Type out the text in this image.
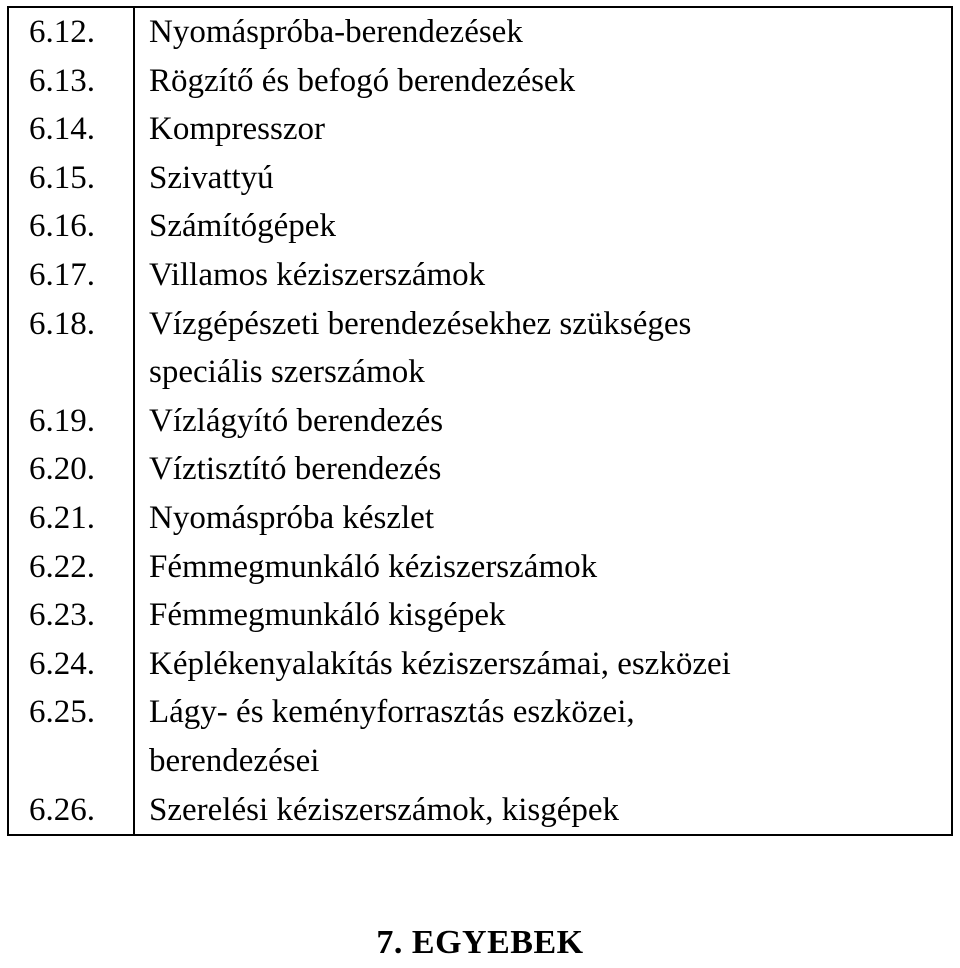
6.12.	Nyomáspróba-berendezések
6.13.	Rögzítő és befogó berendezések
6.14.	Kompresszor
6.15.	Szivattyú
6.16.	Számítógépek
6.17.	Villamos kéziszerszámok
6.18.	Vízgépészeti berendezésekhez szükséges
speciális szerszámok

6.19.	Vízlágyító berendezés
6.20.	Víztisztító berendezés
6.21.	Nyomáspróba készlet
6.22.	Fémmegmunkáló kéziszerszámok
6.23.	Fémmegmunkáló kisgépek
6.24.	Képlékenyalakítás kéziszerszámai, eszközei
6.25.	Lágy- és keményforrasztás eszközei,
berendezései

6.26.	Szerelési kéziszerszámok, kisgépek
7. EGYEBEK
